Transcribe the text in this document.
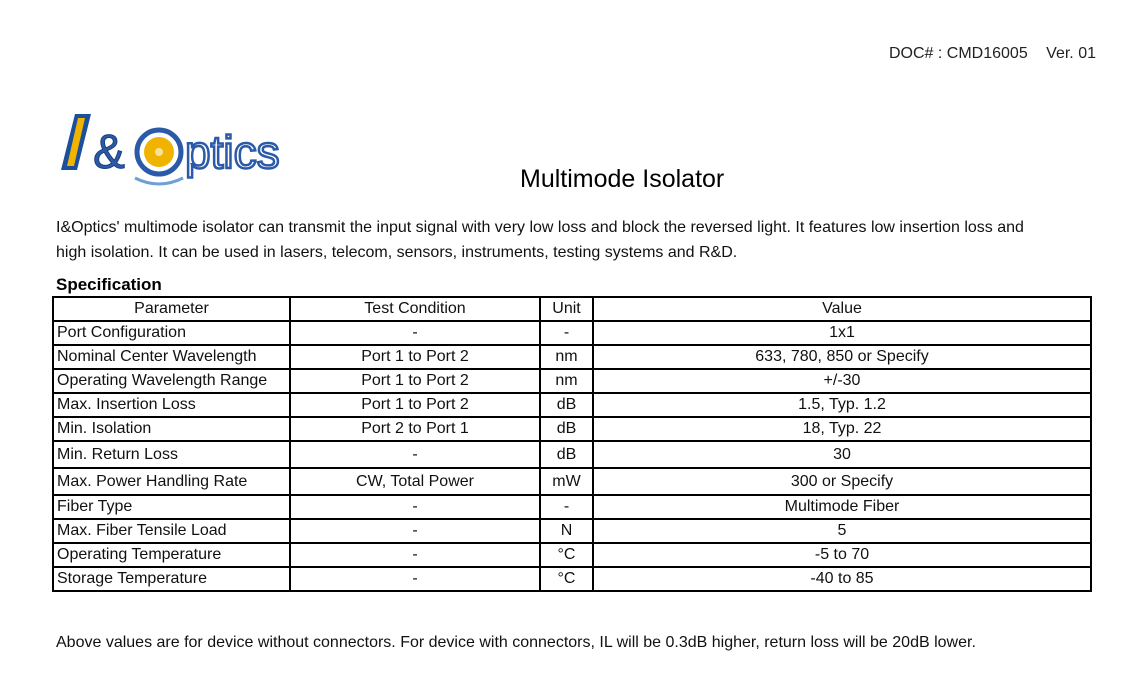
DOC# : CMD16005 Ver. 01
& ptics
Multimode Isolator
I&Optics' multimode isolator can transmit the input signal with very low loss and block the reversed light. It features low insertion loss and high isolation. It can be used in lasers, telecom, sensors, instruments, testing systems and R&D.
Specification
Parameter	Test Condition	Unit	Value
Port Configuration	-	-	1x1
Nominal Center Wavelength	Port 1 to Port 2	nm	633, 780, 850 or Specify
Operating Wavelength Range	Port 1 to Port 2	nm	+/-30
Max. Insertion Loss	Port 1 to Port 2	dB	1.5, Typ. 1.2
Min. Isolation	Port 2 to Port 1	dB	18, Typ. 22
Min. Return Loss	-	dB	30
Max. Power Handling Rate	CW, Total Power	mW	300 or Specify
Fiber Type	-	-	Multimode Fiber
Max. Fiber Tensile Load	-	N	5
Operating Temperature	-	°C	-5 to 70
Storage Temperature	-	°C	-40 to 85
Above values are for device without connectors. For device with connectors, IL will be 0.3dB higher, return loss will be 20dB lower.
